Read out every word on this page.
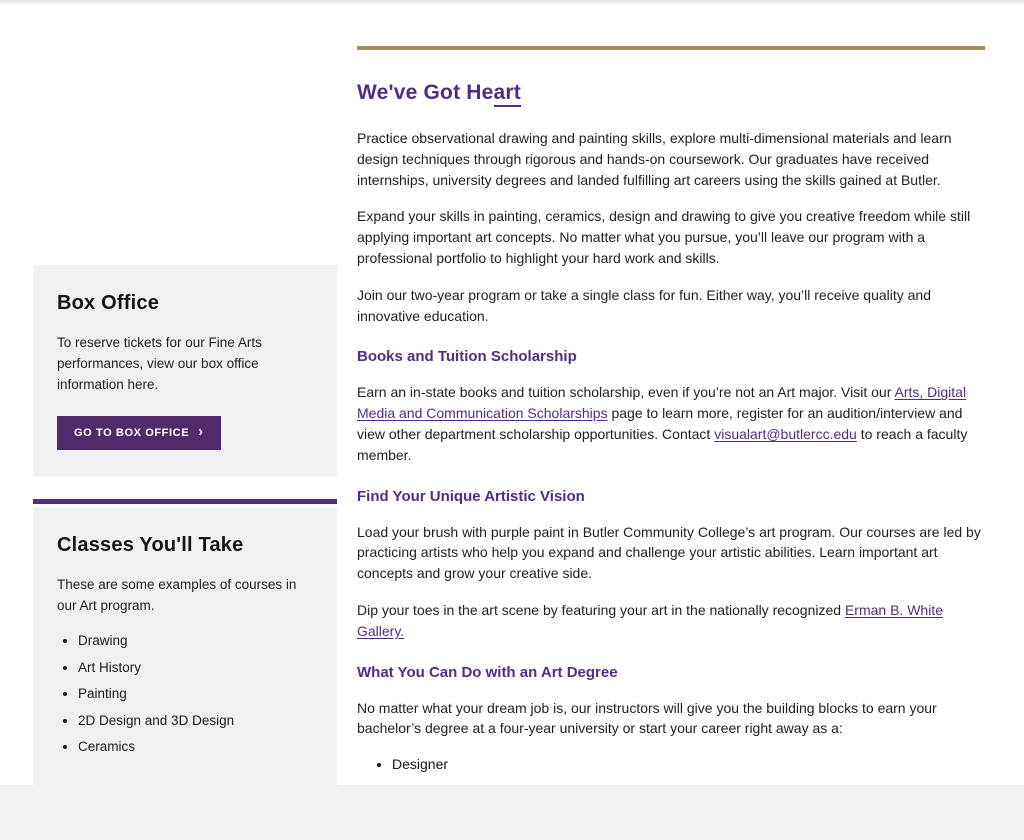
Box Office

To reserve tickets for our Fine Arts performances, view our box office information here.

GO TO BOX OFFICE ›
Classes You'll Take

These are some examples of courses in our Art program.

• Drawing
• Art History
• Painting
• 2D Design and 3D Design
• Ceramics
We've Got Heart

Practice observational drawing and painting skills, explore multi-dimensional materials and learn design techniques through rigorous and hands-on coursework. Our graduates have received internships, university degrees and landed fulfilling art careers using the skills gained at Butler.

Expand your skills in painting, ceramics, design and drawing to give you creative freedom while still applying important art concepts. No matter what you pursue, you’ll leave our program with a professional portfolio to highlight your hard work and skills.

Join our two-year program or take a single class for fun. Either way, you’ll receive quality and innovative education.

Books and Tuition Scholarship

Earn an in-state books and tuition scholarship, even if you’re not an Art major. Visit our Arts, Digital Media and Communication Scholarships page to learn more, register for an audition/interview and view other department scholarship opportunities. Contact visualart@butlercc.edu to reach a faculty member.

Find Your Unique Artistic Vision

Load your brush with purple paint in Butler Community College’s art program. Our courses are led by practicing artists who help you expand and challenge your artistic abilities. Learn important art concepts and grow your creative side.

Dip your toes in the art scene by featuring your art in the nationally recognized Erman B. White Gallery.

What You Can Do with an Art Degree

No matter what your dream job is, our instructors will give you the building blocks to earn your bachelor’s degree at a four-year university or start your career right away as a:

• Designer
•
•
